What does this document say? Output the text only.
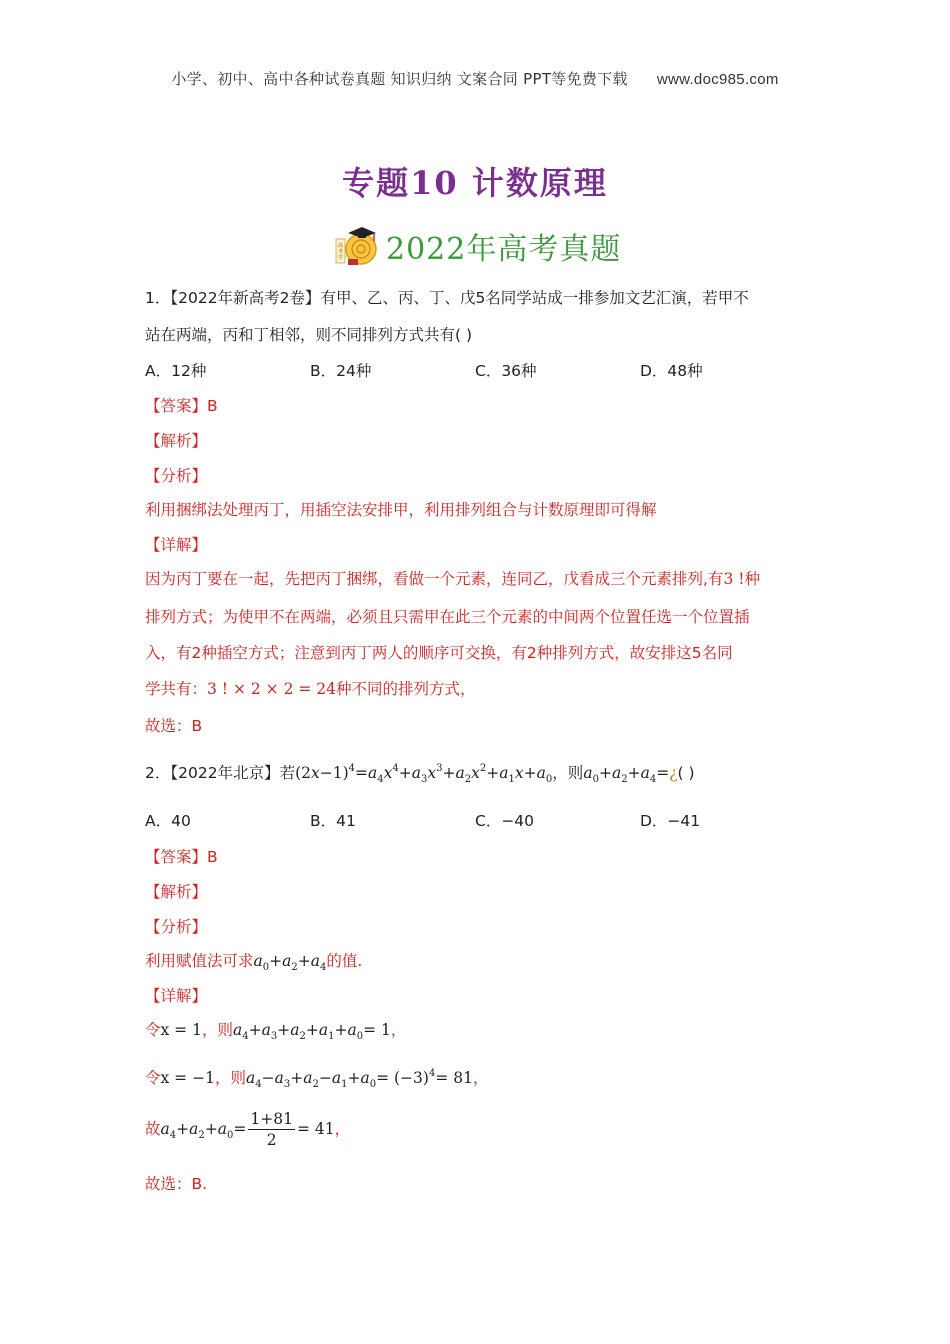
小学、初中、高中各种试卷真题 知识归纳 文案合同 PPT等免费下载 www.doc985.com
专题10 计数原理
高
考
学 2022年高考真题
1．【2022年新高考2卷】有甲、乙、丙、丁、戊5名同学站成一排参加文艺汇演，若甲不
站在两端，丙和丁相邻，则不同排列方式共有( )
A．12种	B．24种	C．36种	D．48种
【答案】B
【解析】
【分析】
利用捆绑法处理丙丁，用插空法安排甲，利用排列组合与计数原理即可得解
【详解】
因为丙丁要在一起，先把丙丁捆绑，看做一个元素，连同乙，戊看成三个元素排列,有3 !种
排列方式；为使甲不在两端，必须且只需甲在此三个元素的中间两个位置任选一个位置插
入，有2种插空方式；注意到丙丁两人的顺序可交换，有2种排列方式，故安排这5名同
学共有：3 ! × 2 × 2 = 24种不同的排列方式，
故选：B
2．【2022年北京】若$(2x-1)^4=a_4x^4+a_3x^3+a_2x^2+a_1x+a_0$，则$a_0+a_2+a_4=¿$( )
A．40	B．41	C．−40	D．−41
【答案】B
【解析】
【分析】
利用赋值法可求$a_0+a_2+a_4$的值.
【详解】
令x = 1，则$a_4+a_3+a_2+a_1+a_0= 1$，
令x = −1，则$a_4-a_3+a_2-a_1+a_0= (-3)^4= 81$，
故$a_4+a_2+a_0= \frac{1+81}{2} = 41$，
故选：B.
